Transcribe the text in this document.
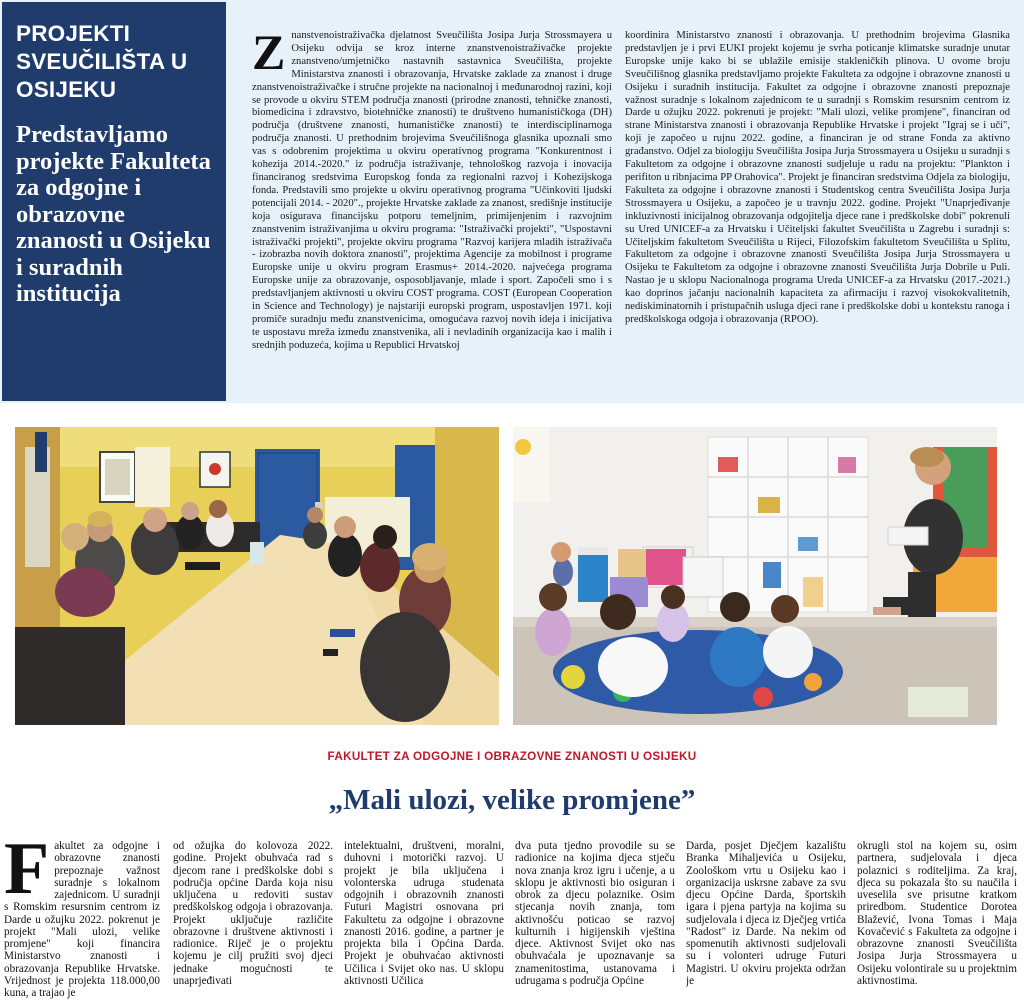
PROJEKTI SVEUČILIŠTA U OSIJEKU
Predstavljamo projekte Fakulteta za odgojne i obrazovne znanosti u Osijeku i suradnih institucija
Znanstvenoistraživačka djelatnost Sveučilišta Josipa Jurja Strossmayera u Osijeku odvija se kroz interne znanstvenoistraživačke projekte znanstveno/umjetničko nastavnih sastavnica Sveučilišta, projekte Ministarstva znanosti i obrazovanja, Hrvatske zaklade za znanost i druge znanstvenoistraživačke i stručne projekte na nacionalnoj i međunarodnoj razini, koji se provode u okviru STEM područja znanosti (prirodne znanosti, tehničke znanosti, biomedicina i zdravstvo, biotehničke znanosti) te društveno humanističkoga (DH) područja (društvene znanosti, humanističke znanosti) te interdisciplinarnoga područja znanosti. U prethodnim brojevima Sveučilišnoga glasnika upoznali smo vas s odobrenim projektima u okviru operativnog programa "Konkurentnost i kohezija 2014.-2020." iz područja istraživanje, tehnološkog razvoja i inovacija financiranog sredstvima Europskog fonda za regionalni razvoj i Kohezijskoga fonda. Predstavili smo projekte u okviru operativnog programa "Učinkoviti ljudski potencijali 2014. - 2020"., projekte Hrvatske zaklade za znanost, središnje institucije koja osigurava financijsku potporu temeljnim, primijenjenim i razvojnim znanstvenim istraživanjima u okviru programa: "Istraživački projekti", "Uspostavni istraživački projekti", projekte okviru programa "Razvoj karijera mladih istraživača - izobrazba novih doktora znanosti", projektima Agencije za mobilnost i programe Europske unije u okviru program Erasmus+ 2014.-2020. najvećega programa Europske unije za obrazovanje, osposobljavanje, mlade i sport. Započeli smo i s predstavljanjem aktivnosti u okviru COST programa. COST (European Cooperation in Science and Technology) je najstariji europski program, uspostavljen 1971. koji promiče suradnju među znanstvenicima, omogućava razvoj novih ideja i inicijativa te uspostavu mreža između znanstvenika, ali i nevladinih organizacija kao i malih i srednjih poduzeća, kojima u Republici Hrvatskoj
koordinira Ministarstvo znanosti i obrazovanja. U prethodnim brojevima Glasnika predstavljen je i prvi EUKI projekt kojemu je svrha poticanje klimatske suradnje unutar Europske unije kako bi se ublažile emisije stakleničkih plinova. U ovome broju Sveučilišnog glasnika predstavljamo projekte Fakulteta za odgojne i obrazovne znanosti u Osijeku i suradnih institucija. Fakultet za odgojne i obrazovne znanosti prepoznaje važnost suradnje s lokalnom zajednicom te u suradnji s Romskim resursnim centrom iz Darde u ožujku 2022. pokrenuti je projekt: "Mali ulozi, velike promjene", financiran od strane Ministarstva znanosti i obrazovanja Republike Hrvatske i projekt "Igraj se i uči", koji je započeo u rujnu 2022. godine, a financiran je od strane Fonda za aktivno građanstvo. Odjel za biologiju Sveučilišta Josipa Jurja Strossmayera u Osijeku u suradnji s Fakultetom za odgojne i obrazovne znanosti sudjeluje u radu na projektu: "Plankton i perifiton u ribnjacima PP Orahovica". Projekt je financiran sredstvima Odjela za biologiju, Fakulteta za odgojne i obrazovne znanosti i Studentskog centra Sveučilišta Josipa Jurja Strossmayera u Osijeku, a započeo je u travnju 2022. godine. Projekt "Unaprjeđivanje inkluzivnosti inicijalnog obrazovanja odgojitelja djece rane i predškolske dobi" pokrenuli su Ured UNICEF-a za Hrvatsku i Učiteljski fakultet Sveučilišta u Zagrebu i suradnji s: Učiteljskim fakultetom Sveučilišta u Rijeci, Filozofskim fakultetom Sveučilišta u Splitu, Fakultetom za odgojne i obrazovne znanosti Sveučilišta Josipa Jurja Strossmayera u Osijeku te Fakultetom za odgojne i obrazovne znanosti Sveučilišta Jurja Dobrile u Puli. Nastao je u sklopu Nacionalnoga programa Ureda UNICEF-a za Hrvatsku (2017.-2021.) kao doprinos jačanju nacionalnih kapaciteta za afirmaciju i razvoj visokokvalitetnih, nediskiminatornih i pristupačnih usluga djeci rane i predškolske dobi u kontekstu ranoga i predškolskoga odgoja i obrazovanja (RPOO).
FAKULTET ZA ODGOJNE I OBRAZOVNE ZNANOSTI U OSIJEKU
„Mali ulozi, velike promjene”
Fakultet za odgojne i obrazovne znanosti prepoznaje važnost suradnje s lokalnom zajednicom. U suradnji s Romskim resursnim centrom iz Darde u ožujku 2022. pokrenut je projekt "Mali ulozi, velike promjene" koji financira Ministarstvo znanosti i obrazovanja Republike Hrvatske. Vrijednost je projekta 118.000,00 kuna, a trajao je
od ožujka do kolovoza 2022. godine. Projekt obuhvaća rad s djecom rane i predškolske dobi s područja općine Darda koja nisu uključena u redoviti sustav predškolskog odgoja i obrazovanja. Projekt uključuje različite obrazovne i društvene aktivnosti i radionice. Riječ je o projektu kojemu je cilj pružiti svoj djeci jednake mogućnosti te unaprjeđivati
intelektualni, društveni, moralni, duhovni i motorički razvoj. U projekt je bila uključena i volonterska udruga studenata odgojnih i obrazovnih znanosti Futuri Magistri osnovana pri Fakultetu za odgojne i obrazovne znanosti 2016. godine, a partner je projekta bila i Općina Darda. Projekt je obuhvaćao aktivnosti Učilica i Svijet oko nas. U sklopu aktivnosti Učilica
dva puta tjedno provodile su se radionice na kojima djeca stječu nova znanja kroz igru i učenje, a u sklopu je aktivnosti bio osiguran i obrok za djecu polaznike. Osim stjecanja novih znanja, tom aktivnošću poticao se razvoj kulturnih i higijenskih vještina djece. Aktivnost Svijet oko nas obuhvaćala je upoznavanje sa znamenitostima, ustanovama i udrugama s područja Općine
Darda, posjet Dječjem kazalištu Branka Mihaljevića u Osijeku, Zoološkom vrtu u Osijeku kao i organizacija uskrsne zabave za svu djecu Općine Darda, športskih igara i pjena partyja na kojima su sudjelovala i djeca iz Dječjeg vrtića "Radost" iz Darde. Na nekim od spomenutih aktivnosti sudjelovali su i volonteri udruge Futuri Magistri. U okviru projekta održan je
okrugli stol na kojem su, osim partnera, sudjelovala i djeca polaznici s roditeljima. Za kraj, djeca su pokazala što su naučila i uveselila sve prisutne kratkom priredbom. Studentice Dorotea Blažević, Ivona Tomas i Maja Kovačević s Fakulteta za odgojne i obrazovne znanosti Sveučilišta Josipa Jurja Strossmayera u Osijeku volontirale su u projektnim aktivnostima.
